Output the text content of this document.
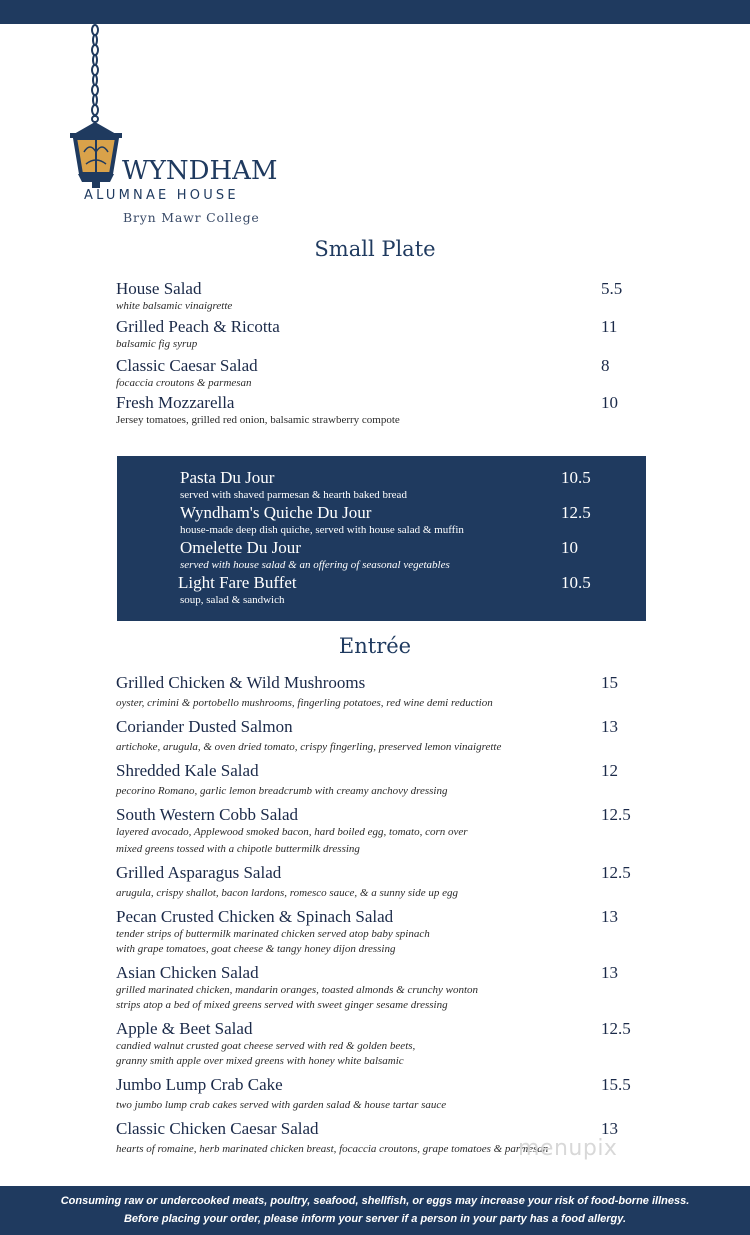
WYNDHAM
ALUMNAE HOUSE
Bryn Mawr College
Small Plate
House Salad
white balsamic vinaigrette
5.5
Grilled Peach & Ricotta
balsamic fig syrup
11
Classic Caesar Salad
focaccia croutons & parmesan
8
Fresh Mozzarella
Jersey tomatoes, grilled red onion, balsamic strawberry compote
10
Pasta Du Jour
served with shaved parmesan & hearth baked bread
10.5
Wyndham's Quiche Du Jour
house-made deep dish quiche, served with house salad & muffin
12.5
Omelette Du Jour
served with house salad & an offering of seasonal vegetables
10
Light Fare Buffet
soup, salad & sandwich
10.5
Entrée
Grilled Chicken & Wild Mushrooms
oyster, crimini & portobello mushrooms, fingerling potatoes, red wine demi reduction
15
Coriander Dusted Salmon
artichoke, arugula, & oven dried tomato, crispy fingerling, preserved lemon vinaigrette
13
Shredded Kale Salad
pecorino Romano, garlic lemon breadcrumb with creamy anchovy dressing
12
South Western Cobb Salad
layered avocado, Applewood smoked bacon, hard boiled egg, tomato, corn over
mixed greens tossed with a chipotle buttermilk dressing
12.5
Grilled Asparagus Salad
arugula, crispy shallot, bacon lardons, romesco sauce, & a sunny side up egg
12.5
Pecan Crusted Chicken & Spinach Salad
tender strips of buttermilk marinated chicken served atop baby spinach
with grape tomatoes, goat cheese & tangy honey dijon dressing
13
Asian Chicken Salad
grilled marinated chicken, mandarin oranges, toasted almonds & crunchy wonton
strips atop a bed of mixed greens served with sweet ginger sesame dressing
13
Apple & Beet Salad
candied walnut crusted goat cheese served with red & golden beets,
granny smith apple over mixed greens with honey white balsamic
12.5
Jumbo Lump Crab Cake
two jumbo lump crab cakes served with garden salad & house tartar sauce
15.5
Classic Chicken Caesar Salad
hearts of romaine, herb marinated chicken breast, focaccia croutons, grape tomatoes & parmesan
13
menupix
Consuming raw or undercooked meats, poultry, seafood, shellfish, or eggs may increase your risk of food-borne illness.
Before placing your order, please inform your server if a person in your party has a food allergy.
